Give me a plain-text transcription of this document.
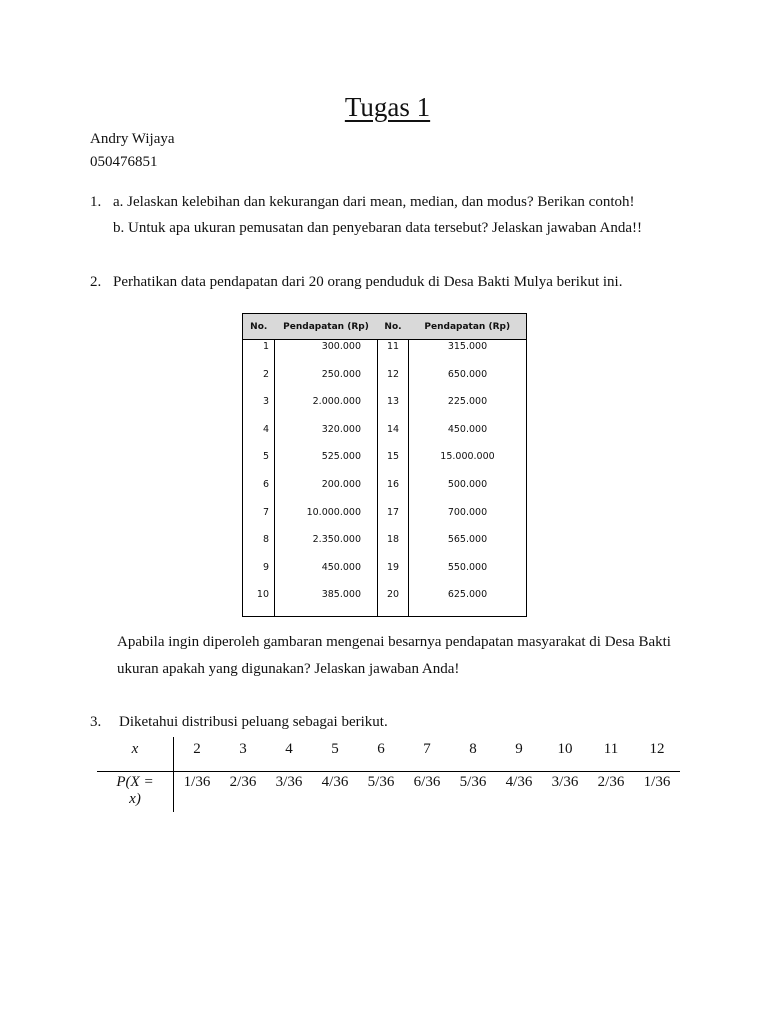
Tugas 1
Andry Wijaya
050476851
1. a. Jelaskan kelebihan dan kekurangan dari mean, median, dan modus? Berikan contoh!
b. Untuk apa ukuran pemusatan dan penyebaran data tersebut? Jelaskan jawaban Anda!!
2. Perhatikan data pendapatan dari 20 orang penduduk di Desa Bakti Mulya berikut ini.
No.	Pendapatan (Rp)	No.	Pendapatan (Rp)
1	300.000	11	315.000
2	250.000	12	650.000
3	2.000.000	13	225.000
4	320.000	14	450.000
5	525.000	15	15.000.000
6	200.000	16	500.000
7	10.000.000	17	700.000
8	2.350.000	18	565.000
9	450.000	19	550.000
10	385.000	20	625.000
Apabila ingin diperoleh gambaran mengenai besarnya pendapatan masyarakat di Desa Bakti
ukuran apakah yang digunakan? Jelaskan jawaban Anda!
3. Diketahui distribusi peluang sebagai berikut.
x	2	3	4	5	6	7	8	9	10	11	12

P(X =
x)	1/36	2/36	3/36	4/36	5/36	6/36	5/36	4/36	3/36	2/36	1/36
